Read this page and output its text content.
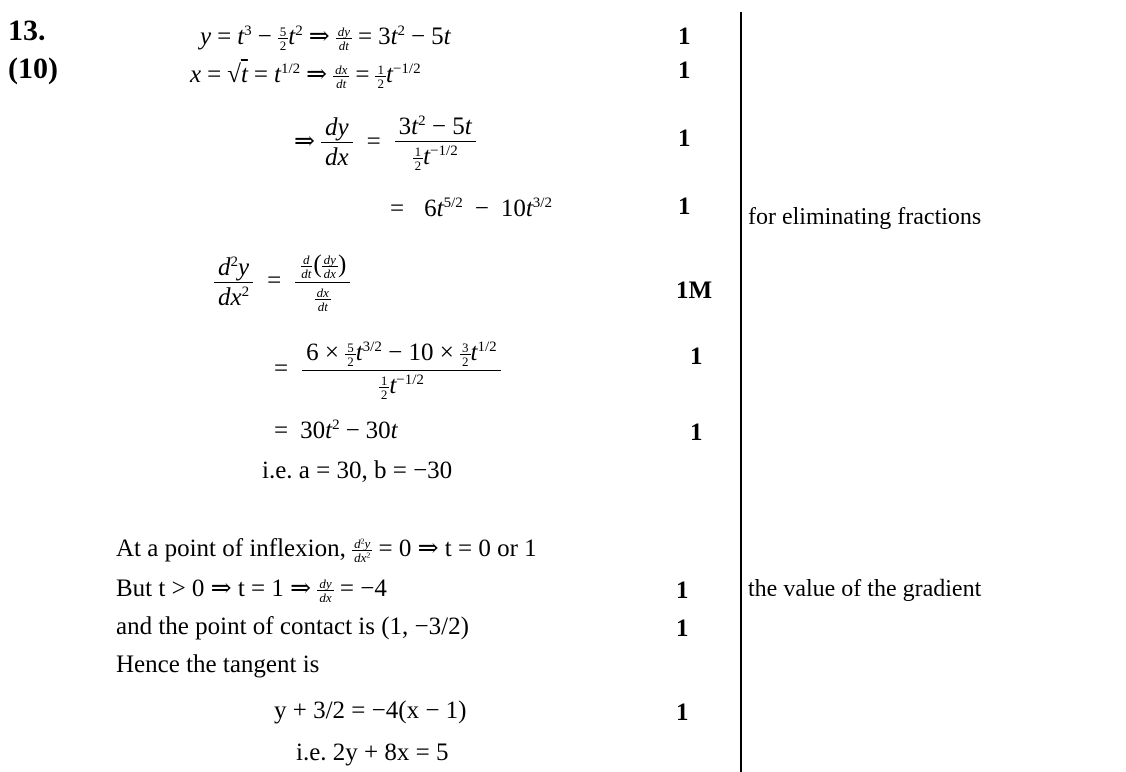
13.
(10)
$y = t^3 - \frac{5}{2} t^2$ ⇒ $\frac{dy}{dt} = 3t^2 - 5t$
$x = √t = t^{1/2}$ ⇒ $\frac{dx}{dt} = \frac{1}{2} t^{-1/2}$
⇒ $\frac{dy}{dx} = \frac{3t^2 - 5t}{\frac{1}{2} t^{-1/2}}$
= $6t^{5/2} - 10t^{3/2}$
$\frac{d^2y}{dx^2} = \frac{\frac{d}{dt} ( \frac{dy}{dx} )}{\frac{dx}{dt}}$
= $\frac{6 \times \frac{5}{2} t^{3/2} - 10 \times \frac{3}{2} t^{1/2}}{\frac{1}{2} t^{-1/2}}$
= $30t^2 - 30t$
i.e. a = 30, b = −30
At a point of inflexion, $\frac{d^2y}{dx^2} = 0$ ⇒ t = 0 or 1
But t > 0 ⇒ t = 1 ⇒ $\frac{dy}{dx} = -4$
and the point of contact is (1, −3/2)
Hence the tangent is
y + 3/2 = −4(x − 1)
i.e. 2y + 8x = 5
1
1
1
1
1M
1
1
1
1
1
for eliminating fractions
the value of the gradient
